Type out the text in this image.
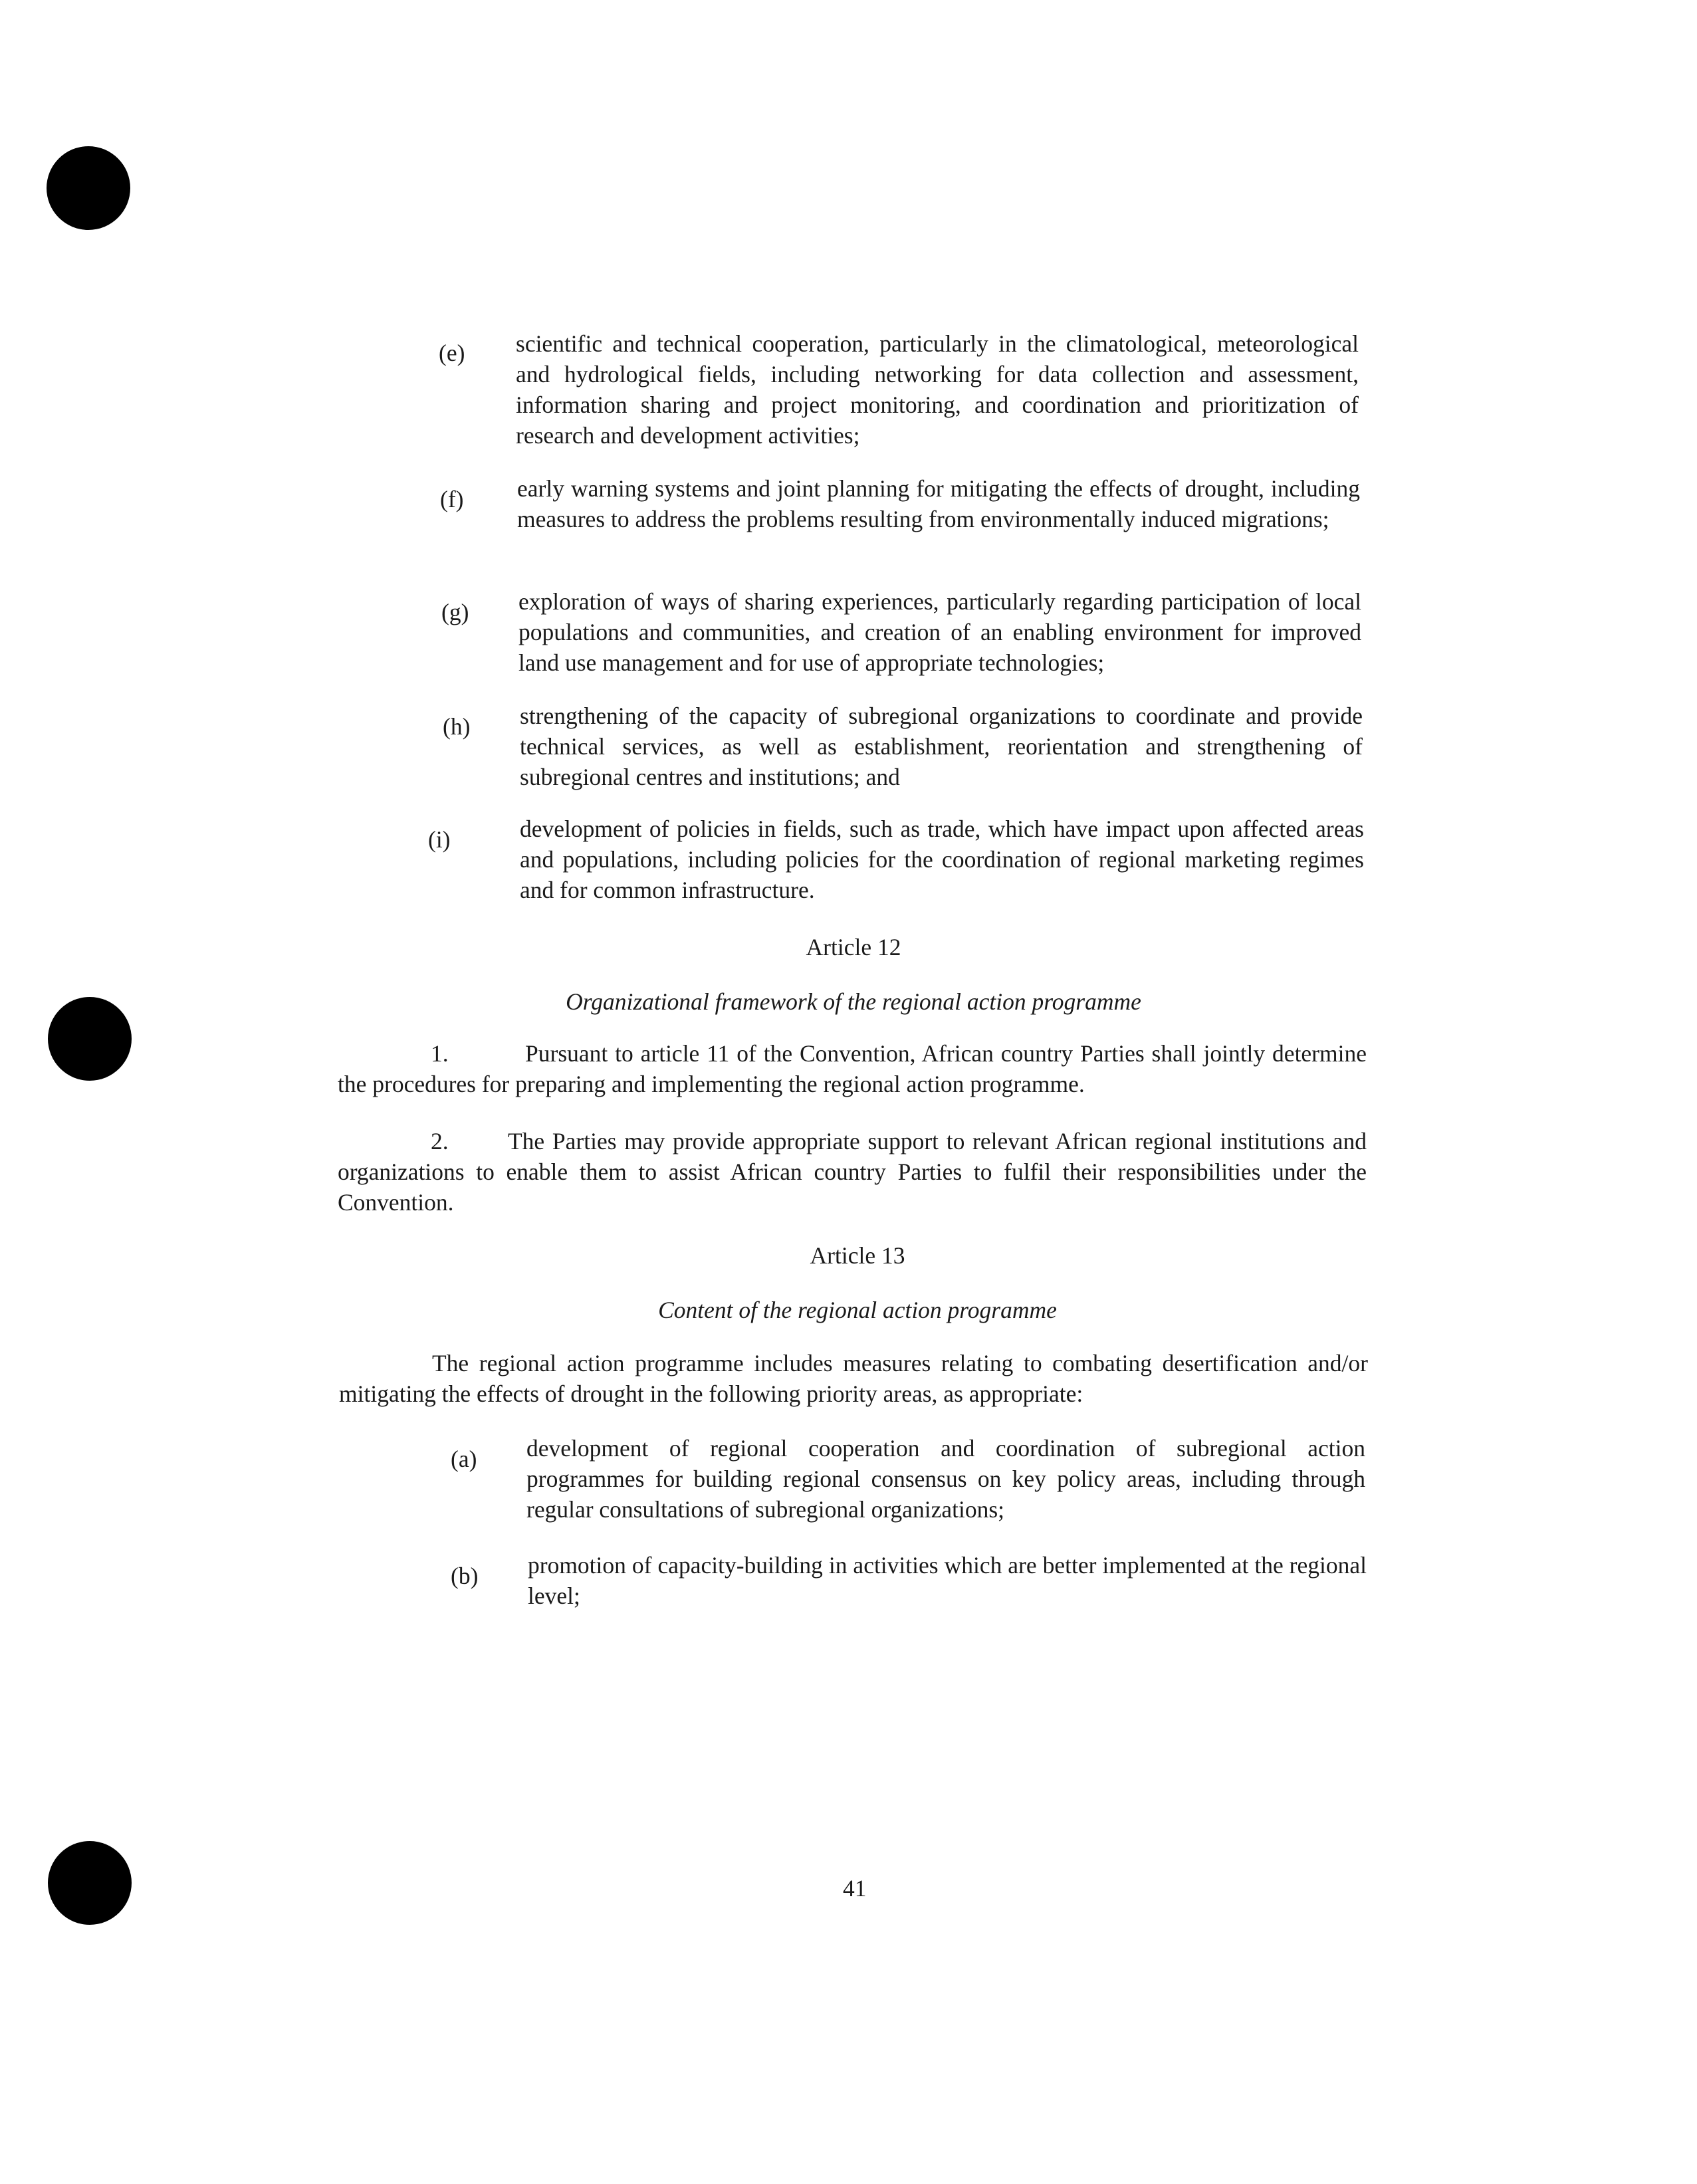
(e) scientific and technical cooperation, particularly in the climatological, meteorological and hydrological fields, including networking for data collection and assessment, information sharing and project monitoring, and coordination and prioritization of research and development activities;
(f) early warning systems and joint planning for mitigating the effects of drought, including measures to address the problems resulting from environmentally induced migrations;
(g) exploration of ways of sharing experiences, particularly regarding participation of local populations and communities, and creation of an enabling environment for improved land use management and for use of appropriate technologies;
(h) strengthening of the capacity of subregional organizations to coordinate and provide technical services, as well as establishment, reorientation and strengthening of subregional centres and institutions; and
(i)	development of policies in fields, such as trade, which have impact upon affected areas and populations, including policies for the coordination of regional marketing regimes and for common infrastructure.
Article 12
Organizational framework of the regional action programme
1.	Pursuant to article 11 of the Convention, African country Parties shall jointly determine the procedures for preparing and implementing the regional action programme.
2.	The Parties may provide appropriate support to relevant African regional institutions and organizations to enable them to assist African country Parties to fulfil their responsibilities under the Convention.
Article 13
Content of the regional action programme
The regional action programme includes measures relating to combating desertification and/or mitigating the effects of drought in the following priority areas, as appropriate:
(a) development of regional cooperation and coordination of subregional action programmes for building regional consensus on key policy areas, including through regular consultations of subregional organizations;
(b) promotion of capacity-building in activities which are better implemented at the regional level;
41
